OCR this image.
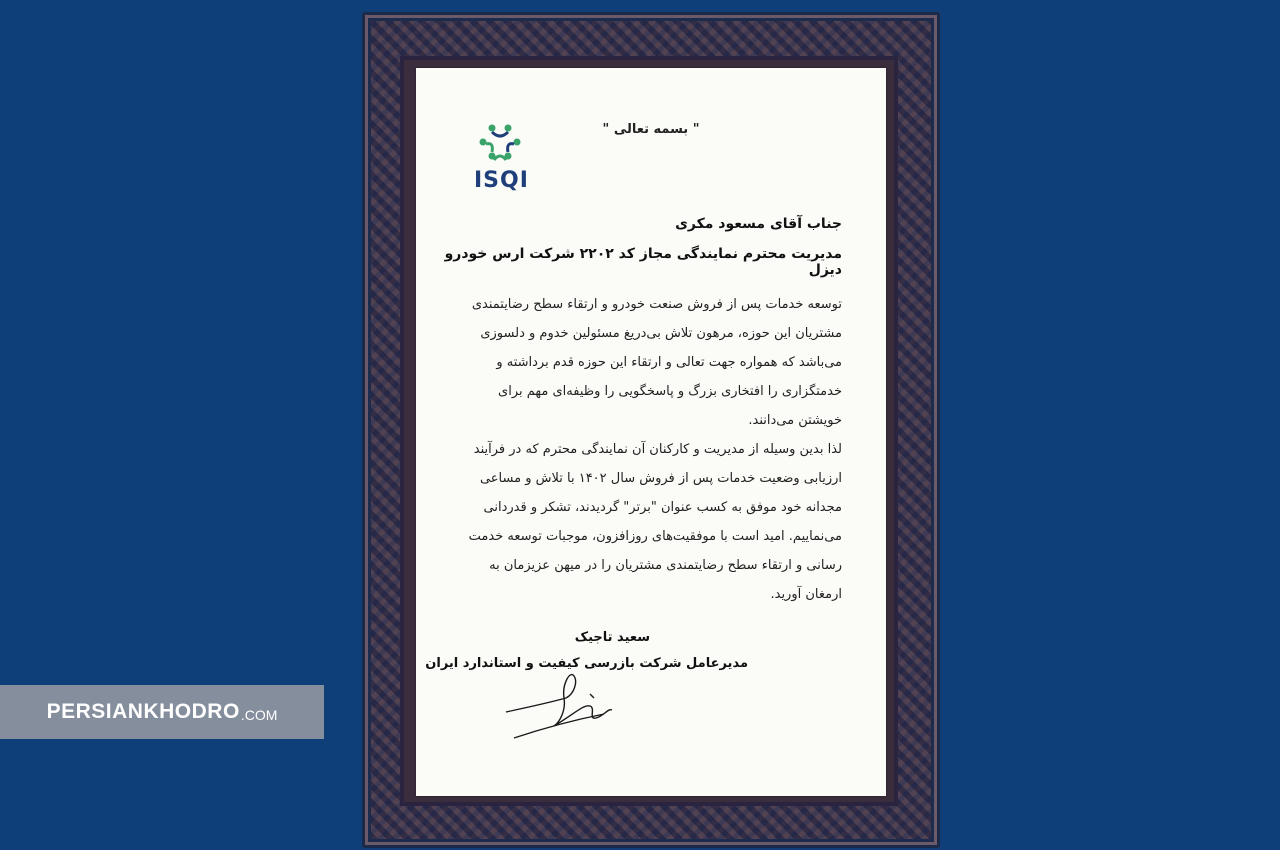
" بسمه تعالی "
ISQI
جناب آقای مسعود مکری
مدیریت محترم نمایندگی مجاز کد ۲۲۰۲ شرکت ارس خودرو دیزل

توسعه خدمات پس از فروش صنعت خودرو و ارتقاء سطح رضایتمندی مشتریان این حوزه، مرهون تلاش بی‌دریغ مسئولین خدوم و دلسوزی می‌باشد که همواره جهت تعالی و ارتقاء این حوزه قدم برداشته و خدمتگزاری را افتخاری بزرگ و پاسخگویی را وظیفه‌ای مهم برای خویشتن می‌دانند.

لذا بدین وسیله از مدیریت و کارکنان آن نمایندگی محترم که در فرآیند ارزیابی وضعیت خدمات پس از فروش سال ۱۴۰۲ با تلاش و مساعی مجدانه خود موفق به کسب عنوان "برتر" گردیدند، تشکر و قدردانی می‌نماییم. امید است با موفقیت‌های روزافزون، موجبات توسعه خدمت رسانی و ارتقاء سطح رضایتمندی مشتریان را در میهن عزیزمان به ارمغان آورید.

سعید تاجیک
مدیرعامل شرکت بازرسی کیفیت و استاندارد ایران
PERSIANKHODRO .COM
